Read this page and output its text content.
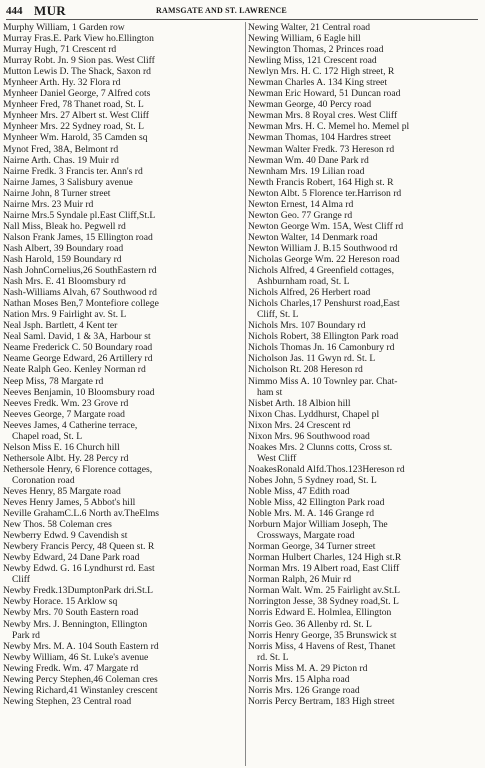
444 MUR	RAMSGATE AND ST. LAWRENCE
Murphy William, 1 Garden row
Murray Fras.E. Park View ho.Ellington
Murray Hugh, 71 Crescent rd
Murray Robt. Jn. 9 Sion pas. West Cliff
Mutton Lewis D. The Shack, Saxon rd
Mynheer Arth. Hy. 32 Flora rd
Mynheer Daniel George, 7 Alfred cots
Mynheer Fred, 78 Thanet road, St. L
Mynheer Mrs. 27 Albert st. West Cliff
Mynheer Mrs. 22 Sydney road, St. L
Mynheer Wm. Harold, 35 Camden sq
Mynot Fred, 38A, Belmont rd
Nairne Arth. Chas. 19 Muir rd
Nairne Fredk. 3 Francis ter. Ann's rd
Nairne James, 3 Salisbury avenue
Nairne John, 8 Turner street
Nairne Mrs. 23 Muir rd
Nairne Mrs.5 Syndale pl.East Cliff,St.L
Nall Miss, Bleak ho. Pegwell rd
Nalson Frank James, 15 Ellington road
Nash Albert, 39 Boundary road
Nash Harold, 159 Boundary rd
Nash JohnCornelius,26 SouthEastern rd
Nash Mrs. E. 41 Bloomsbury rd
Nash-Williams Alvah, 67 Southwood rd
Nathan Moses Ben,7 Montefiore college
Nation Mrs. 9 Fairlight av. St. L
Neal Jsph. Bartlett, 4 Kent ter
Neal Saml. David, 1 & 3A, Harbour st
Neame Frederick C. 50 Boundary road
Neame George Edward, 26 Artillery rd
Neate Ralph Geo. Kenley Norman rd
Neep Miss, 78 Margate rd
Neeves Benjamin, 10 Bloomsbury road
Neeves Fredk. Wm. 23 Grove rd
Neeves George, 7 Margate road
Neeves James, 4 Catherine terrace,
Chapel road, St. L
Nelson Miss E. 16 Church hill
Nethersole Albt. Hy. 28 Percy rd
Nethersole Henry, 6 Florence cottages,
Coronation road
Neves Henry, 85 Margate road
Neves Henry James, 5 Abbot's hill
Neville GrahamC.L.6 North av.TheElms
New Thos. 58 Coleman cres
Newberry Edwd. 9 Cavendish st
Newbery Francis Percy, 48 Queen st. R
Newby Edward, 24 Dane Park road
Newby Edwd. G. 16 Lyndhurst rd. East
Cliff
Newby Fredk.13DumptonPark dri.St.L
Newby Horace. 15 Arklow sq
Newby Mrs. 70 South Eastern road
Newby Mrs. J. Bennington, Ellington
Park rd
Newby Mrs. M. A. 104 South Eastern rd
Newby William, 46 St. Luke's avenue
Newing Fredk. Wm. 47 Margate rd
Newing Percy Stephen,46 Coleman cres
Newing Richard,41 Winstanley crescent
Newing Stephen, 23 Central road
Newing Walter, 21 Central road
Newing William, 6 Eagle hill
Newington Thomas, 2 Princes road
Newling Miss, 121 Crescent road
Newlyn Mrs. H. C. 172 High street, R
Newman Charles A. 134 King street
Newman Eric Howard, 51 Duncan road
Newman George, 40 Percy road
Newman Mrs. 8 Royal cres. West Cliff
Newman Mrs. H. C. Memel ho. Memel pl
Newman Thomas, 104 Hardres street
Newman Walter Fredk. 73 Hereson rd
Newman Wm. 40 Dane Park rd
Newnham Mrs. 19 Lilian road
Newth Francis Robert, 164 High st. R
Newton Albt. 5 Florence ter.Harrison rd
Newton Ernest, 14 Alma rd
Newton Geo. 77 Grange rd
Newton George Wm. 15A, West Cliff rd
Newton Walter, 14 Denmark road
Newton William J. B.15 Southwood rd
Nicholas George Wm. 22 Hereson road
Nichols Alfred, 4 Greenfield cottages,
Ashburnham road, St. L
Nichols Alfred, 26 Herbert road
Nichols Charles,17 Penshurst road,East
Cliff, St. L
Nichols Mrs. 107 Boundary rd
Nichols Robert, 38 Ellington Park road
Nichols Thomas Jn. 16 Camonbury rd
Nicholson Jas. 11 Gwyn rd. St. L
Nicholson Rt. 208 Hereson rd
Nimmo Miss A. 10 Townley par. Chat-
ham st
Nisbet Arth. 18 Albion hill
Nixon Chas. Lyddhurst, Chapel pl
Nixon Mrs. 24 Crescent rd
Nixon Mrs. 96 Southwood road
Noakes Mrs. 2 Clunns cotts, Cross st.
West Cliff
NoakesRonald Alfd.Thos.123Hereson rd
Nobes John, 5 Sydney road, St. L
Noble Miss, 47 Edith road
Noble Miss, 42 Ellington Park road
Noble Mrs. M. A. 146 Grange rd
Norburn Major William Joseph, The
Crossways, Margate road
Norman George, 34 Turner street
Norman Hulbert Charles, 124 High st.R
Norman Mrs. 19 Albert road, East Cliff
Norman Ralph, 26 Muir rd
Norman Walt. Wm. 25 Fairlight av.St.L
Norrington Jesse, 38 Sydney road,St. L
Norris Edward E. Holmlea, Ellington
Norris Geo. 36 Allenby rd. St. L
Norris Henry George, 35 Brunswick st
Norris Miss, 4 Havens of Rest, Thanet
rd. St. L
Norris Miss M. A. 29 Picton rd
Norris Mrs. 15 Alpha road
Norris Mrs. 126 Grange road
Norris Percy Bertram, 183 High street
